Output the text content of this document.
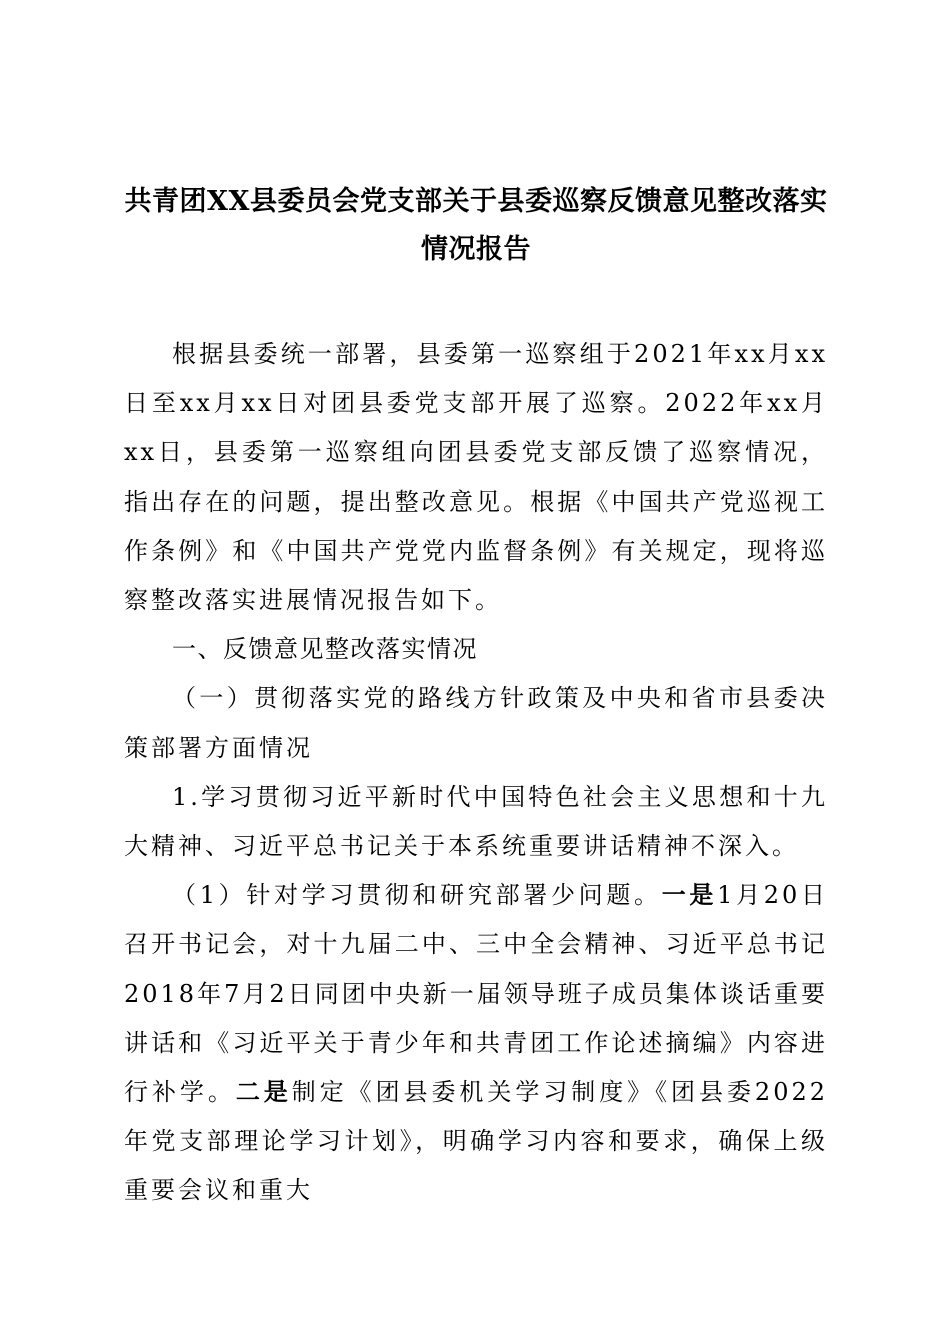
共青团XX县委员会党支部关于县委巡察反馈意见整改落实情况报告

根据县委统一部署，县委第一巡察组于2021年xx月xx日至xx月xx日对团县委党支部开展了巡察。2022年xx月xx日，县委第一巡察组向团县委党支部反馈了巡察情况，指出存在的问题，提出整改意见。根据《中国共产党巡视工作条例》和《中国共产党党内监督条例》有关规定，现将巡察整改落实进展情况报告如下。

一、反馈意见整改落实情况

（一）贯彻落实党的路线方针政策及中央和省市县委决策部署方面情况

1.学习贯彻习近平新时代中国特色社会主义思想和十九大精神、习近平总书记关于本系统重要讲话精神不深入。

（1）针对学习贯彻和研究部署少问题。一是1月20日召开书记会，对十九届二中、三中全会精神、习近平总书记2018年7月2日同团中央新一届领导班子成员集体谈话重要讲话和《习近平关于青少年和共青团工作论述摘编》内容进行补学。二是制定《团县委机关学习制度》《团县委2022年党支部理论学习计划》，明确学习内容和要求，确保上级重要会议和重大
